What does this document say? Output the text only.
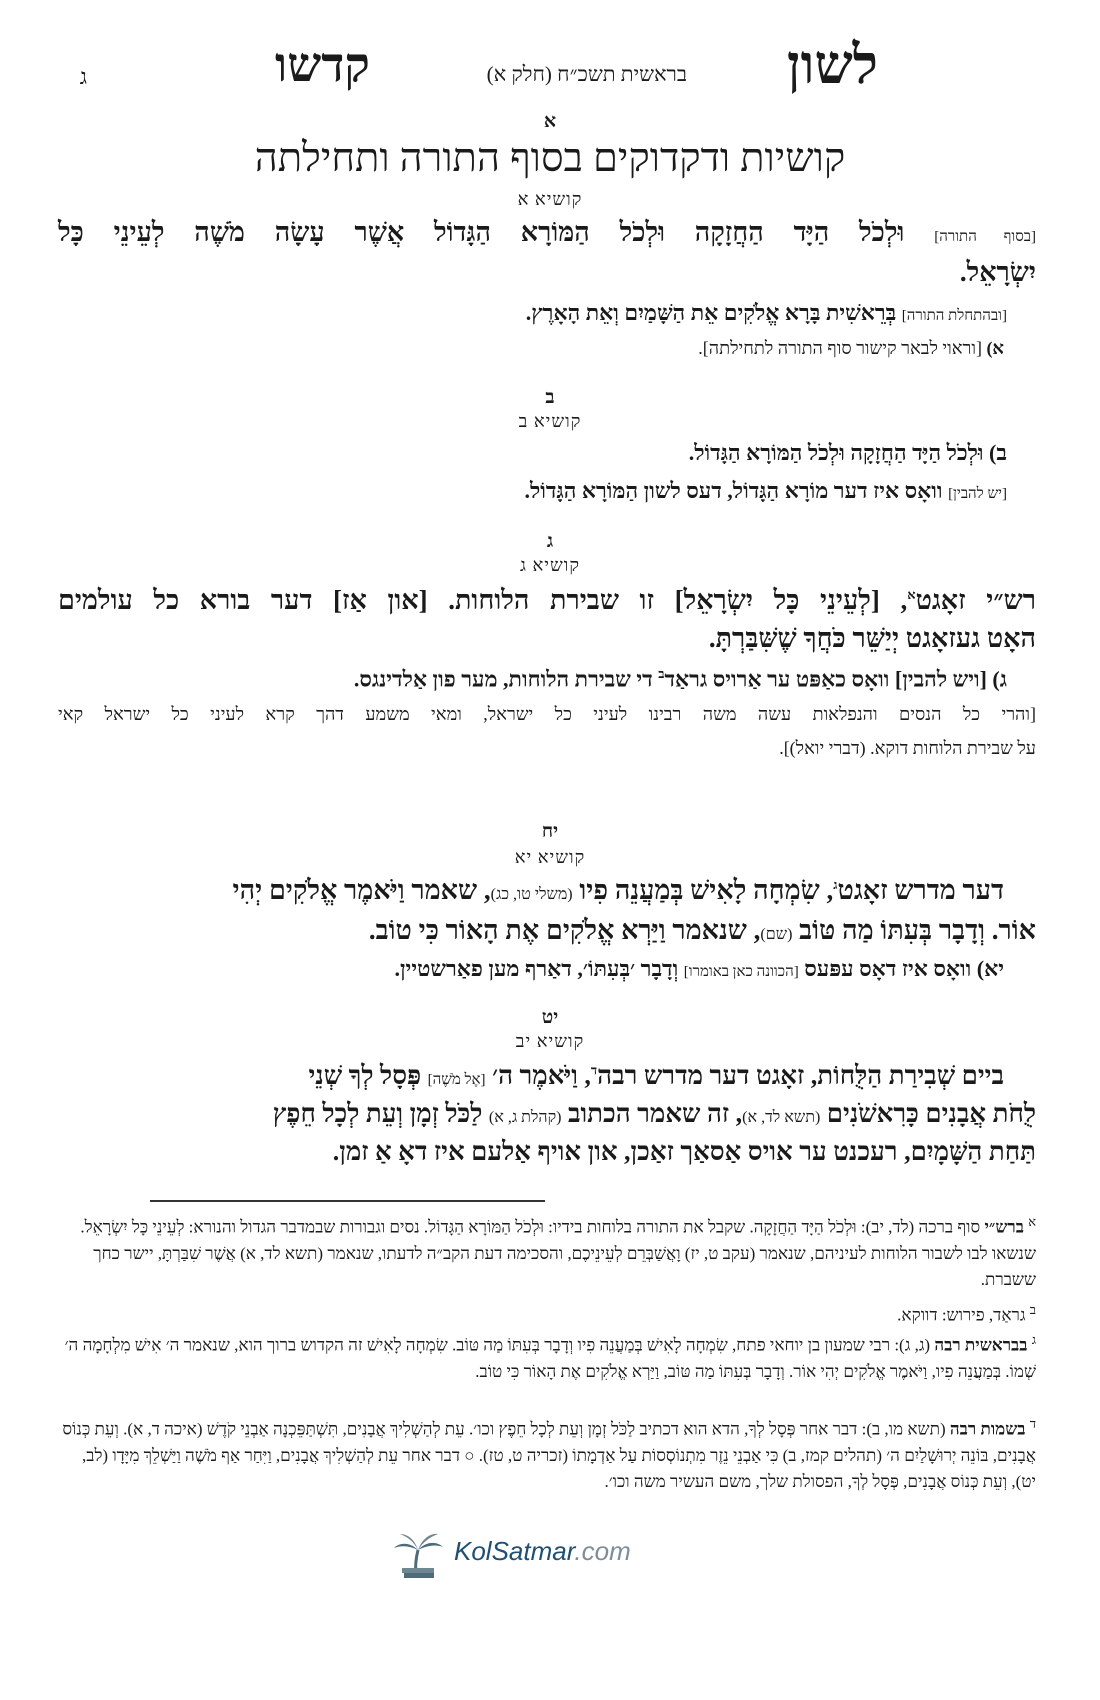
לשון
בראשית תשכ״ח (חלק א)
קדשו
ג
א
קושיות ודקדוקים בסוף התורה ותחילתה
קושיא א
[בסוף התורה] וּלְכֹל הַיָּד הַחֲזָקָה וּלְכֹל הַמּוֹרָא הַגָּדוֹל אֲשֶׁר עָשָׂה מֹשֶׁה לְעֵינֵי כָּל
יִשְׂרָאֵל.
[ובהתחלת התורה] בְּרֵאשִׁית בָּרָא אֱלֹקִים אֵת הַשָּׁמַיִם וְאֵת הָאָרֶץ.
א) [וראוי לבאר קישור סוף התורה לתחילתה].
ב
קושיא ב
ב) וּלְכֹל הַיָּד הַחֲזָקָה וּלְכֹל הַמּוֹרָא הַגָּדוֹל.
[יש להבין] וואָס איז דער מוֹרָא הַגָּדוֹל, דעס לשון הַמּוֹרָא הַגָּדוֹל.
ג
קושיא ג
רש״י זאָגט$^א$, [לְעֵינֵי כָּל יִשְׂרָאֵל] זו שבירת הלוחות. [און אַז] דער בורא כל עולמים
האָט געזאָגט יְיַשֵּׁר כֹּחֲךָ שֶׁשִּׁבַּרְתָּ.
ג) [ויש להבין] וואָס כאַפּט ער אַרויס גראַד$^ב$ די שבירת הלוחות, מער פון אַלדינגס.
[והרי כל הנסים והנפלאות עשה משה רבינו לעיני כל ישראל, ומאי משמע דהך קרא לעיני כל ישראל קאי
על שבירת הלוחות דוקא. (דברי יואל)].
יח
קושיא יא
דער מדרש זאָגט$^ג$, שִׂמְחָה לָאִישׁ בְּמַעֲנֵה פִיו (משלי טו, כג), שאמר וַיֹּאמֶר אֱלֹקִים יְהִי
אוֹר. וְדָבָר בְּעִתּוֹ מַה טּוֹב (שם), שנאמר וַיַּרְא אֱלֹקִים אֶת הָאוֹר כִּי טוֹב.
יא) וואָס איז דאָס עפּעס [הכוונה כאן באומרו] וְדָבָר ׳בְּעִתּוֹ׳, דאַרף מען פאַרשטיין.
יט
קושיא יב
ביים שְׁבִירַת הַלֻּחוֹת, זאָגט דער מדרש רבה$^ד$, וַיֹּאמֶר ה׳ [אֶל מֹשֶׁה] פְּסָל לְךָ שְׁנֵי
לֻחֹת אֲבָנִים כָּרִאשֹׁנִים (תשא לד, א), זה שאמר הכתוב (קהלת ג, א) לַכֹּל זְמָן וְעֵת לְכָל חֵפֶץ
תַּחַת הַשָּׁמָיִם, רעכנט ער אויס אַסאַך זאַכן, און אויף אַלעם איז דאָ אַ זמן.
$^א$ ברש״י סוף ברכה (לד, יב): וּלְכֹל הַיָּד הַחֲזָקָה. שקבל את התורה בלוחות בידיו: וּלְכֹל הַמּוֹרָא הַגָּדוֹל. נסים וגבורות שבמדבר הגדול והנורא: לְעֵינֵי כָּל יִשְׂרָאֵל. שנשאו לבו לשבור הלוחות לעיניהם, שנאמר (עקב ט, יז) וָאֲשַׁבְּרֵם לְעֵינֵיכֶם, והסכימה דעת הקב״ה לדעתו, שנאמר (תשא לד, א) אֲשֶׁר שִׁבַּרְתָּ, יישר כחך ששברת.
$^ב$ גראַד, פירוש: דווקא.
$^ג$ בבראשית רבה (ג, ג): רבי שמעון בן יוחאי פתח, שִׂמְחָה לָאִישׁ בְּמַעֲנֵה פִיו וְדָבָר בְּעִתּוֹ מַה טּוֹב. שִׂמְחָה לָאִישׁ זה הקדוש ברוך הוא, שנאמר ה׳ אִישׁ מִלְחָמָה ה׳ שְׁמוֹ. בְּמַעֲנֵה פִיו, וַיֹּאמֶר אֱלֹקִים יְהִי אוֹר. וְדָבָר בְּעִתּוֹ מַה טּוֹב, וַיַּרְא אֱלֹקִים אֶת הָאוֹר כִּי טוֹב.
$^ד$ בשמות רבה (תשא מו, ב): דבר אחר פְּסָל לְךָ, הדא הוא דכתיב לַכֹּל זְמָן וְעֵת לְכָל חֵפֶץ וכו׳. עֵת לְהַשְׁלִיךְ אֲבָנִים, תִּשְׁתַּפֵּכְנָה אַבְנֵי קֹדֶשׁ (איכה ד, א). וְעֵת כְּנוֹס אֲבָנִים, בּוֹנֵה יְרוּשָׁלַיִם ה׳ (תהלים קמז, ב) כִּי אַבְנֵי נֵזֶר מִתְנוֹסְסוֹת עַל אַדְמָתוֹ (זכריה ט, טז). ○ דבר אחר עֵת לְהַשְׁלִיךְ אֲבָנִים, וַיִּחַר אַף מֹשֶׁה וַיַּשְׁלֵךְ מִיָּדָו (לב, יט), וְעֵת כְּנוֹס אֲבָנִים, פְּסָל לְךָ, הפסולת שלך, משם העשיר משה וכו׳.
KolSatmar.com
